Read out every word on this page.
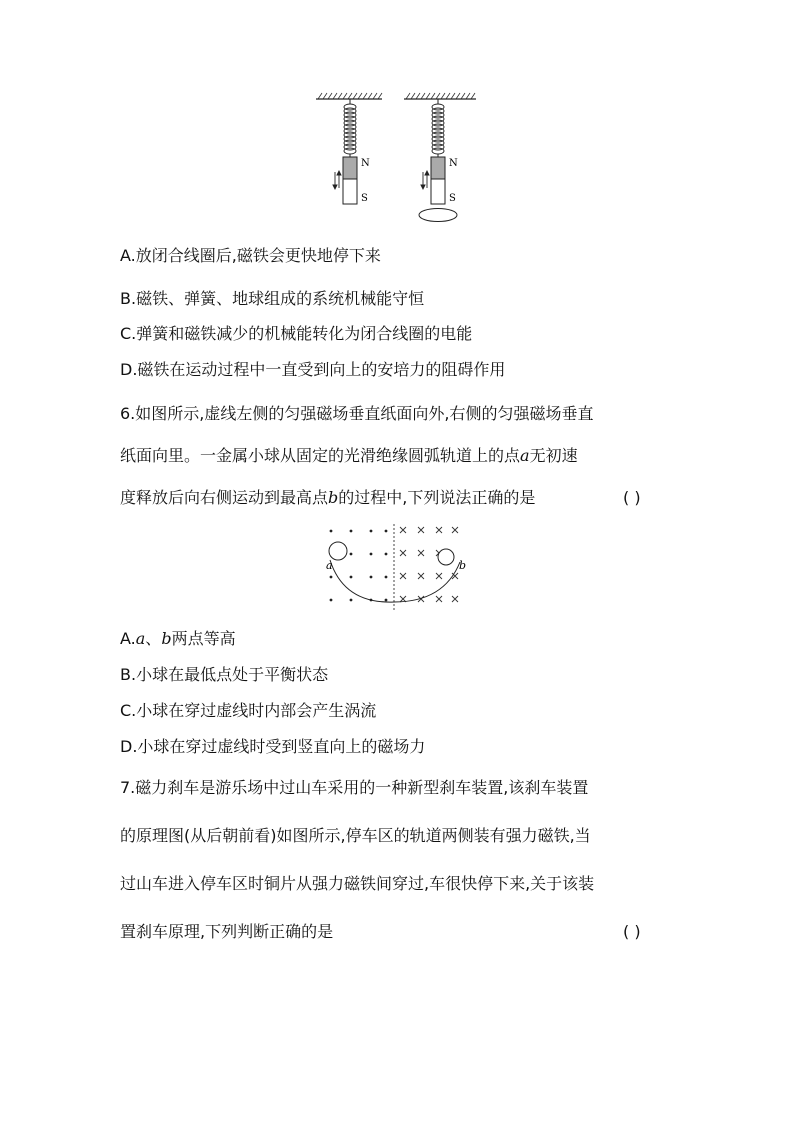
N
S
N
S
A.放闭合线圈后,磁铁会更快地停下来
B.磁铁、弹簧、地球组成的系统机械能守恒
C.弹簧和磁铁减少的机械能转化为闭合线圈的电能
D.磁铁在运动过程中一直受到向上的安培力的阻碍作用
6.如图所示,虚线左侧的匀强磁场垂直纸面向外,右侧的匀强磁场垂直
纸面向里。一金属小球从固定的光滑绝缘圆弧轨道上的点a无初速
度释放后向右侧运动到最高点b的过程中,下列说法正确的是	( )
a	b
A.a、b两点等高
B.小球在最低点处于平衡状态
C.小球在穿过虚线时内部会产生涡流
D.小球在穿过虚线时受到竖直向上的磁场力
7.磁力刹车是游乐场中过山车采用的一种新型刹车装置,该刹车装置
的原理图(从后朝前看)如图所示,停车区的轨道两侧装有强力磁铁,当
过山车进入停车区时铜片从强力磁铁间穿过,车很快停下来,关于该装
置刹车原理,下列判断正确的是	( )
